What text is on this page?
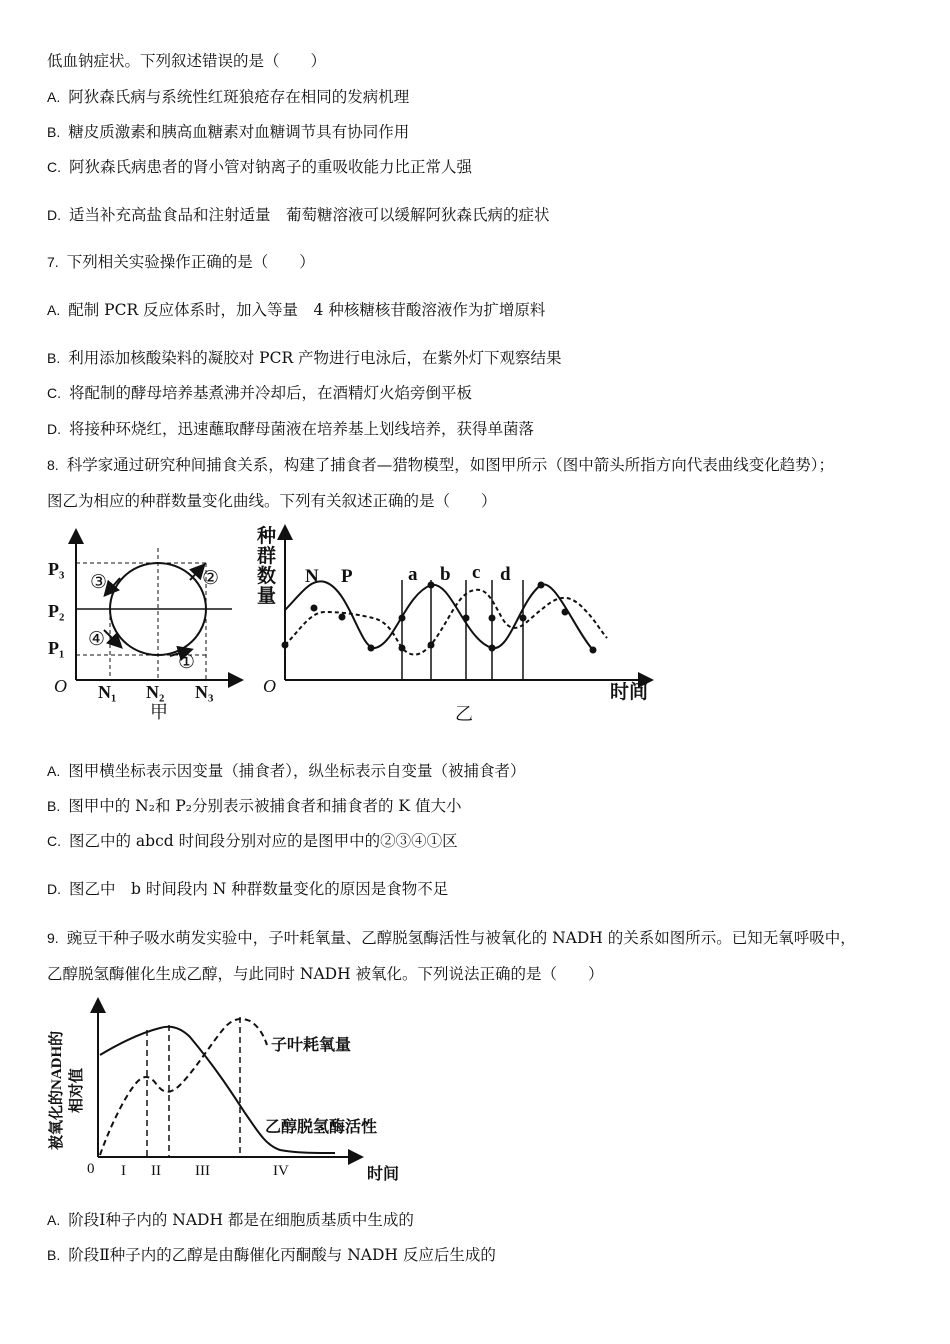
低血钠症状。下列叙述错误的是（　　）
A. 阿狄森氏病与系统性红斑狼疮存在相同的发病机理
B. 糖皮质激素和胰高血糖素对血糖调节具有协同作用
C. 阿狄森氏病患者的肾小管对钠离子的重吸收能力比正常人强
D. 适当补充高盐食品和注射适量　葡萄糖溶液可以缓解阿狄森氏病的症状
7. 下列相关实验操作正确的是（　　）
A. 配制 PCR 反应体系时，加入等量　4 种核糖核苷酸溶液作为扩增原料
B. 利用添加核酸染料的凝胶对 PCR 产物进行电泳后，在紫外灯下观察结果
C. 将配制的酵母培养基煮沸并冷却后，在酒精灯火焰旁倒平板
D. 将接种环烧红，迅速蘸取酵母菌液在培养基上划线培养，获得单菌落
8. 科学家通过研究种间捕食关系，构建了捕食者—猎物模型，如图甲所示（图中箭头所指方向代表曲线变化趋势）；
图乙为相应的种群数量变化曲线。下列有关叙述正确的是（　　）
O
P₃
P₂
P₁
N₁ N₂ N₃
③	②
④
①
甲
种
群
数
量
O	时间
N P	a b c d
乙
A. 图甲横坐标表示因变量（捕食者），纵坐标表示自变量（被捕食者）
B. 图甲中的 N₂和 P₂分别表示被捕食者和捕食者的 K 值大小
C. 图乙中的 abcd 时间段分别对应的是图甲中的②③④①区
D. 图乙中　b 时间段内 N 种群数量变化的原因是食物不足
9. 豌豆干种子吸水萌发实验中，子叶耗氧量、乙醇脱氢酶活性与被氧化的 NADH 的关系如图所示。已知无氧呼吸中，
乙醇脱氢酶催化生成乙醇，与此同时 NADH 被氧化。下列说法正确的是（　　）
被氧化的NADH的 相对值
0	时间
子叶耗氧量
乙醇脱氢酶活性
I II III	IV
A. 阶段Ⅰ种子内的 NADH 都是在细胞质基质中生成的
B. 阶段Ⅱ种子内的乙醇是由酶催化丙酮酸与 NADH 反应后生成的
